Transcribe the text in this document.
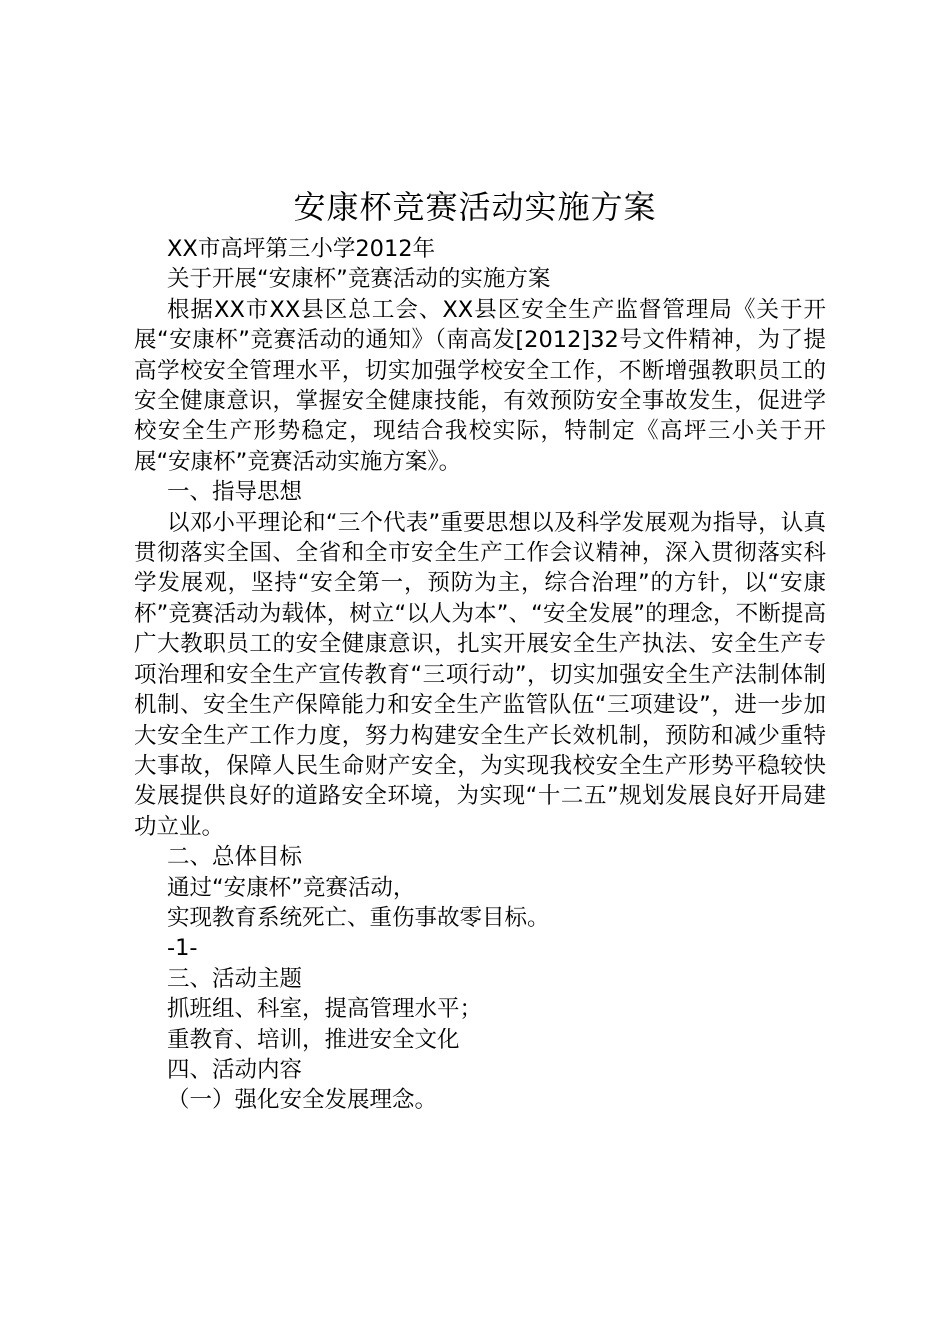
安康杯竞赛活动实施方案

XX市高坪第三小学2012年

关于开展“安康杯”竞赛活动的实施方案

根据XX市XX县区总工会、XX县区安全生产监督管理局《关于开展“安康杯”竞赛活动的通知》（南高发[2012]32号文件精神，为了提高学校安全管理水平，切实加强学校安全工作，不断增强教职员工的安全健康意识，掌握安全健康技能，有效预防安全事故发生，促进学校安全生产形势稳定，现结合我校实际，特制定《高坪三小关于开展“安康杯”竞赛活动实施方案》。

一、指导思想

以邓小平理论和“三个代表”重要思想以及科学发展观为指导，认真贯彻落实全国、全省和全市安全生产工作会议精神，深入贯彻落实科学发展观，坚持“安全第一，预防为主，综合治理”的方针，以“安康杯”竞赛活动为载体，树立“以人为本”、“安全发展”的理念，不断提高广大教职员工的安全健康意识，扎实开展安全生产执法、安全生产专项治理和安全生产宣传教育“三项行动”，切实加强安全生产法制体制机制、安全生产保障能力和安全生产监管队伍“三项建设”，进一步加大安全生产工作力度，努力构建安全生产长效机制，预防和减少重特大事故，保障人民生命财产安全，为实现我校安全生产形势平稳较快发展提供良好的道路安全环境，为实现“十二五”规划发展良好开局建功立业。

二、总体目标

通过“安康杯”竞赛活动，

实现教育系统死亡、重伤事故零目标。

-1-

三、活动主题

抓班组、科室，提高管理水平；

重教育、培训，推进安全文化

四、活动内容

（一）强化安全发展理念。
